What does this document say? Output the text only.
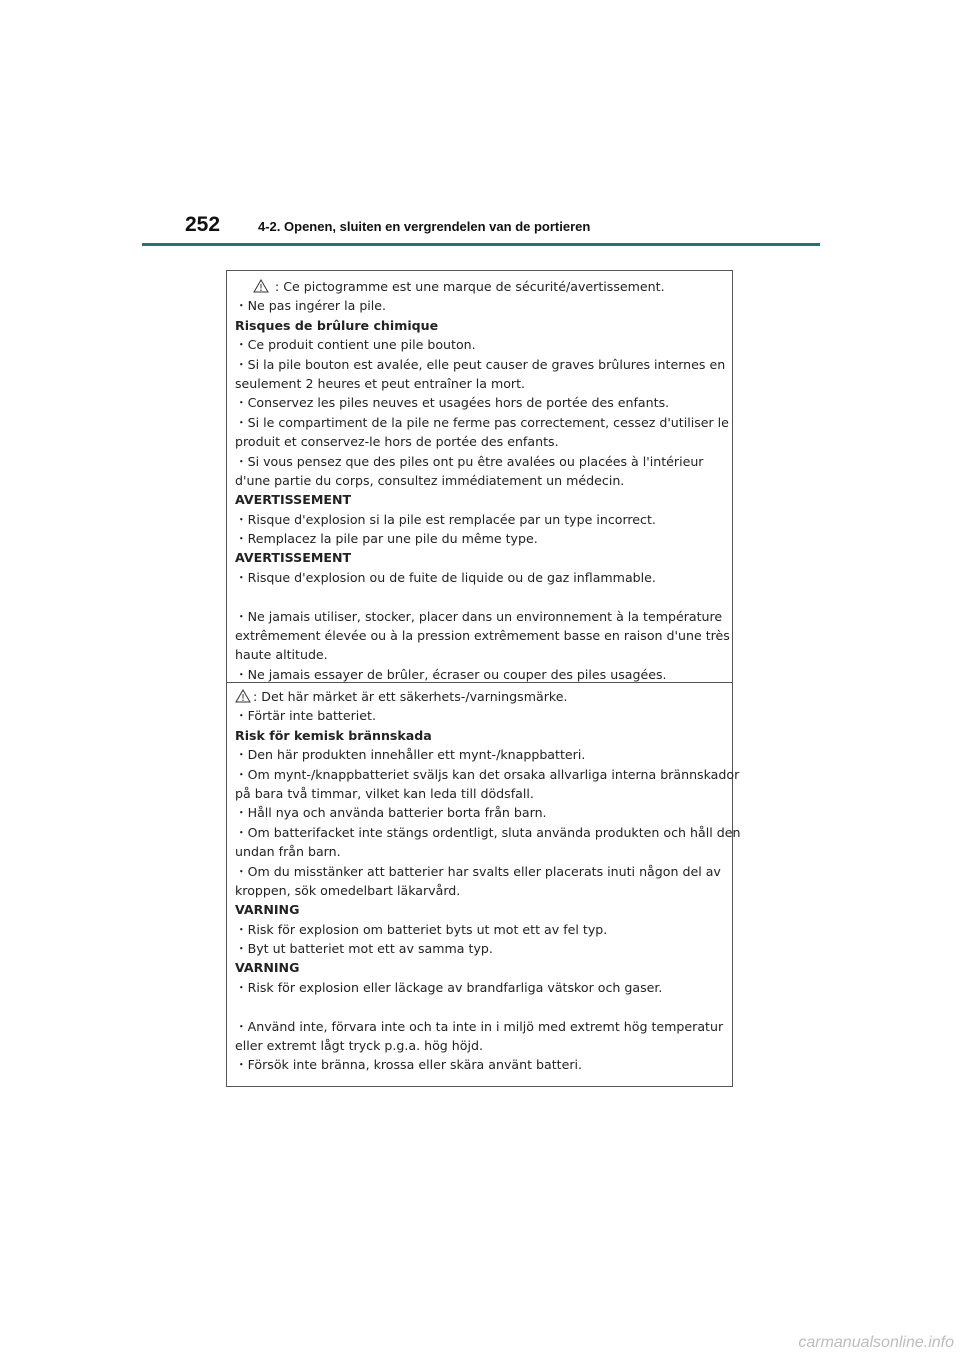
252	4-2. Openen, sluiten en vergrendelen van de portieren
: Ce pictogramme est une marque de sécurité/avertissement.
・Ne pas ingérer la pile.
Risques de brûlure chimique
・Ce produit contient une pile bouton.
・Si la pile bouton est avalée, elle peut causer de graves brûlures internes en
seulement 2 heures et peut entraîner la mort.
・Conservez les piles neuves et usagées hors de portée des enfants.
・Si le compartiment de la pile ne ferme pas correctement, cessez d'utiliser le
produit et conservez-le hors de portée des enfants.
・Si vous pensez que des piles ont pu être avalées ou placées à l'intérieur
d'une partie du corps, consultez immédiatement un médecin.
AVERTISSEMENT
・Risque d'explosion si la pile est remplacée par un type incorrect.
・Remplacez la pile par une pile du même type.
AVERTISSEMENT
・Risque d'explosion ou de fuite de liquide ou de gaz inflammable.
・Ne jamais utiliser, stocker, placer dans un environnement à la température
extrêmement élevée ou à la pression extrêmement basse en raison d'une très
haute altitude.
・Ne jamais essayer de brûler, écraser ou couper des piles usagées.
: Det här märket är ett säkerhets-/varningsmärke.
・Förtär inte batteriet.
Risk för kemisk brännskada
・Den här produkten innehåller ett mynt-/knappbatteri.
・Om mynt-/knappbatteriet sväljs kan det orsaka allvarliga interna brännskador
på bara två timmar, vilket kan leda till dödsfall.
・Håll nya och använda batterier borta från barn.
・Om batterifacket inte stängs ordentligt, sluta använda produkten och håll den
undan från barn.
・Om du misstänker att batterier har svalts eller placerats inuti någon del av
kroppen, sök omedelbart läkarvård.
VARNING
・Risk för explosion om batteriet byts ut mot ett av fel typ.
・Byt ut batteriet mot ett av samma typ.
VARNING
・Risk för explosion eller läckage av brandfarliga vätskor och gaser.
・Använd inte, förvara inte och ta inte in i miljö med extremt hög temperatur
eller extremt lågt tryck p.g.a. hög höjd.
・Försök inte bränna, krossa eller skära använt batteri.
carmanualsonline.info
